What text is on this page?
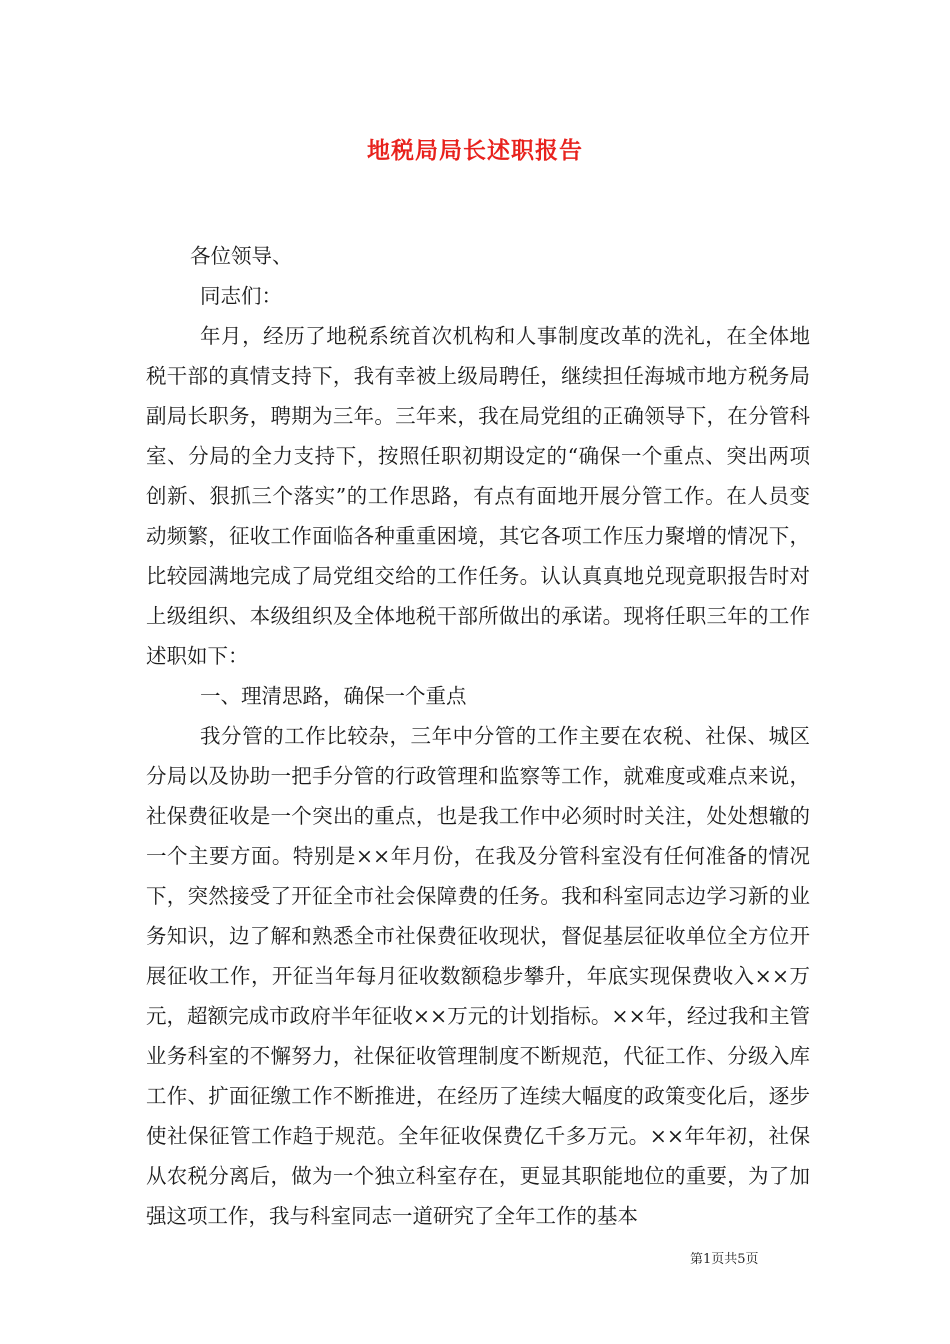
地税局局长述职报告

各位领导、

同志们：

年月，经历了地税系统首次机构和人事制度改革的洗礼，在全体地税干部的真情支持下，我有幸被上级局聘任，继续担任海城市地方税务局副局长职务，聘期为三年。三年来，我在局党组的正确领导下，在分管科室、分局的全力支持下，按照任职初期设定的“确保一个重点、突出两项创新、狠抓三个落实”的工作思路，有点有面地开展分管工作。在人员变动频繁，征收工作面临各种重重困境，其它各项工作压力聚增的情况下，比较园满地完成了局党组交给的工作任务。认认真真地兑现竟职报告时对上级组织、本级组织及全体地税干部所做出的承诺。现将任职三年的工作述职如下：

一、理清思路，确保一个重点

我分管的工作比较杂，三年中分管的工作主要在农税、社保、城区分局以及协助一把手分管的行政管理和监察等工作，就难度或难点来说，社保费征收是一个突出的重点，也是我工作中必须时时关注，处处想辙的一个主要方面。特别是××年月份，在我及分管科室没有任何准备的情况下，突然接受了开征全市社会保障费的任务。我和科室同志边学习新的业务知识，边了解和熟悉全市社保费征收现状，督促基层征收单位全方位开展征收工作，开征当年每月征收数额稳步攀升，年底实现保费收入××万元，超额完成市政府半年征收××万元的计划指标。××年，经过我和主管业务科室的不懈努力，社保征收管理制度不断规范，代征工作、分级入库工作、扩面征缴工作不断推进，在经历了连续大幅度的政策变化后，逐步使社保征管工作趋于规范。全年征收保费亿千多万元。××年年初，社保从农税分离后，做为一个独立科室存在，更显其职能地位的重要，为了加强这项工作，我与科室同志一道研究了全年工作的基本

第1页共5页
